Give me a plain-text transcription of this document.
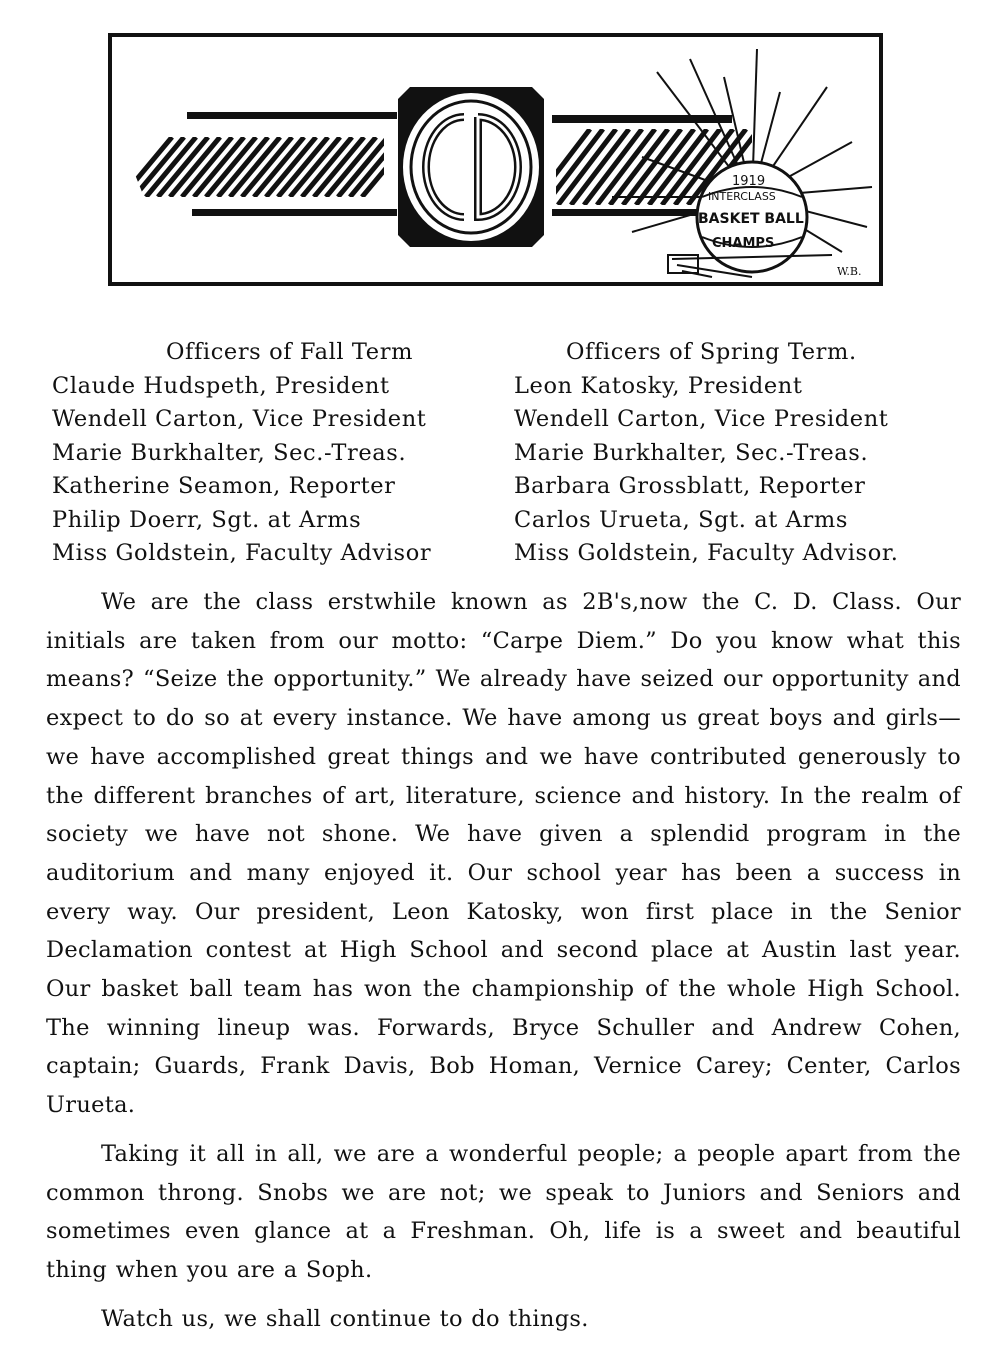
1919
INTERCLASS
BASKET BALL
CHAMPS
W.B.
Officers of Fall Term
Claude Hudspeth, President
Wendell Carton, Vice President
Marie Burkhalter, Sec.-Treas.
Katherine Seamon, Reporter
Philip Doerr, Sgt. at Arms
Miss Goldstein, Faculty Advisor
Officers of Spring Term.
Leon Katosky, President
Wendell Carton, Vice President
Marie Burkhalter, Sec.-Treas.
Barbara Grossblatt, Reporter
Carlos Urueta, Sgt. at Arms
Miss Goldstein, Faculty Advisor.

We are the class erstwhile known as 2B's,now the C. D. Class. Our initials are taken from our motto: “Carpe Diem.” Do you know what this means? “Seize the opportunity.” We already have seized our opportunity and expect to do so at every instance. We have among us great boys and girls—we have accomplished great things and we have contributed generously to the different branches of art, literature, science and history. In the realm of society we have not shone. We have given a splendid program in the auditorium and many enjoyed it. Our school year has been a success in every way. Our president, Leon Katosky, won first place in the Senior Declamation contest at High School and second place at Austin last year. Our basket ball team has won the championship of the whole High School. The winning lineup was. Forwards, Bryce Schuller and Andrew Cohen, captain; Guards, Frank Davis, Bob Homan, Vernice Carey; Center, Carlos Urueta.

Taking it all in all, we are a wonderful people; a people apart from the common throng. Snobs we are not; we speak to Juniors and Seniors and sometimes even glance at a Freshman. Oh, life is a sweet and beautiful thing when you are a Soph.

Watch us, we shall continue to do things.
